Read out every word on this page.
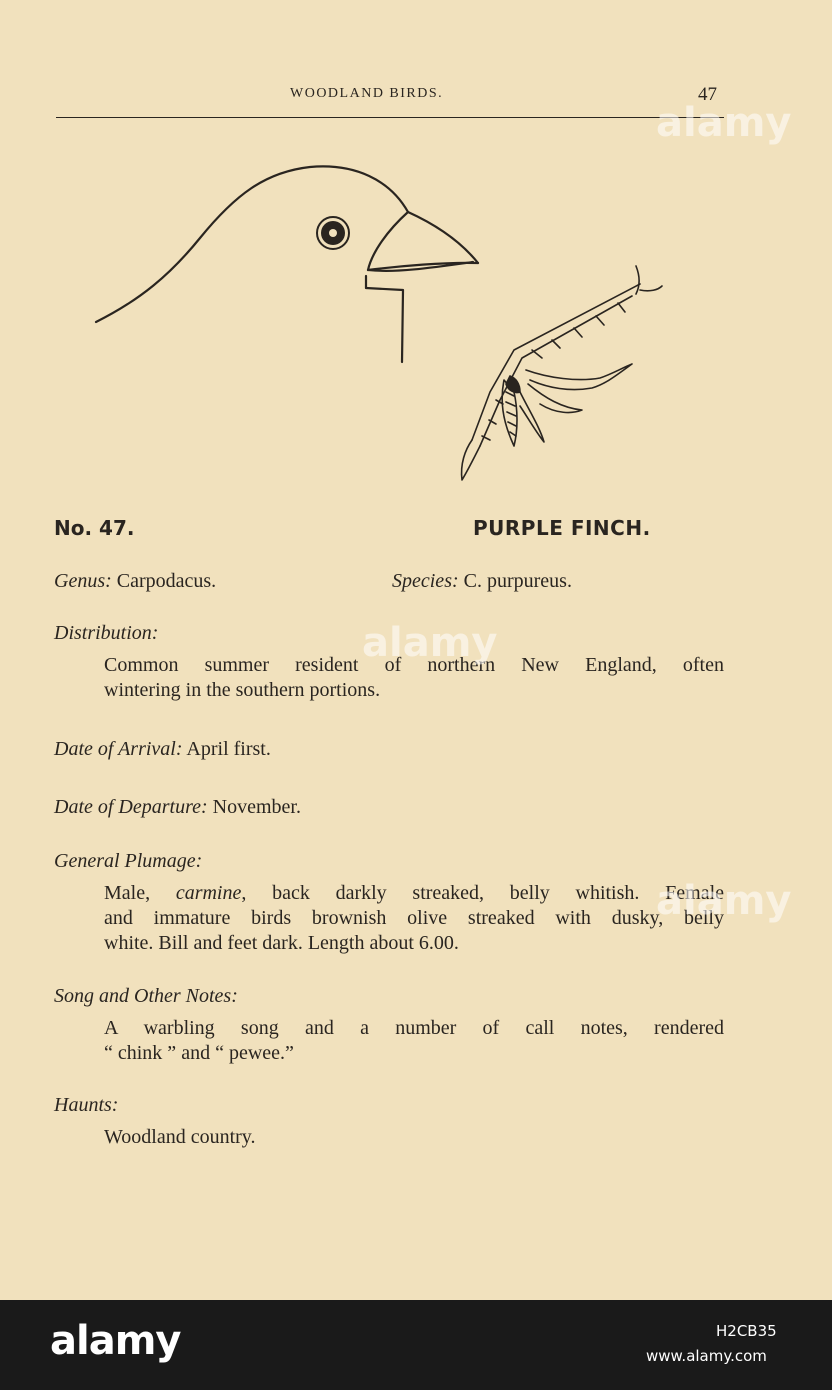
WOODLAND BIRDS.	47
No. 47.	PURPLE FINCH.
Genus: Carpodacus.	Species: C. purpureus.
Distribution:
Common summer resident of northern New England, often
wintering in the southern portions.
Date of Arrival: April first.
Date of Departure: November.
General Plumage:
Male, carmine, back darkly streaked, belly whitish. Female
and immature birds brownish olive streaked with dusky, belly
white. Bill and feet dark. Length about 6.00.
Song and Other Notes:
A warbling song and a number of call notes, rendered
“ chink ” and “ pewee.”
Haunts:
Woodland country.
alamy
alamy
alamy
alamy	H2CB35
www.alamy.com
